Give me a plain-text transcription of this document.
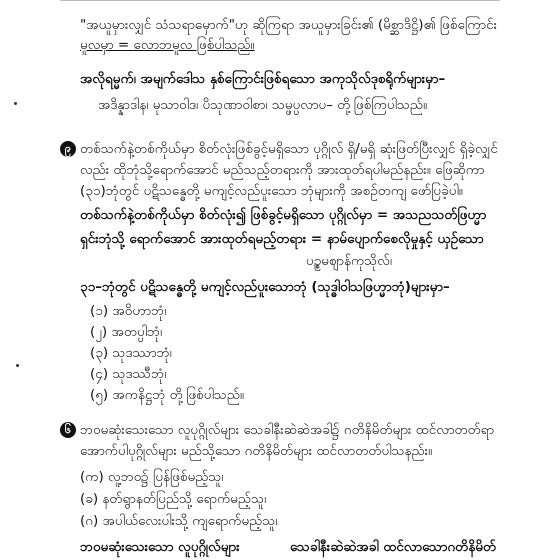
"အယူမှားလျှင် သံသရာမှောက်"ဟု ဆိုကြရာ အယူမှားခြင်း၏ (မိစ္ဆာဒိဋ္ဌိ)၏ ဖြစ်ကြောင်း
မူလမှာ = လောဘမူလ ဖြစ်ပါသည်။
အလိုရမ္မက်၊ အမျက်ဒေါသ နှစ်ကြောင်းဖြစ်ရသော အကုသိုလ်ဒုစရိုက်များမှာ–
အဒိန္နာဒါန၊ မုသာဝါဒ၊ ပိသုဏာဝါစာ၊ သမ္ဖပ္ပလာပ– တို့ဖြစ်ကြပါသည်။
၉ တစ်သက်နဲ့တစ်ကိုယ်မှာ စိတ်လုံးဖြစ်ခွင့်မရှိသော ပုဂ္ဂိုလ် ရှိ/မရှိ ဆုံးဖြတ်ပြီးလျှင် ရှိခဲ့လျှင်
လည်း ထိုဘုံသို့ရောက်အောင် မည်သည့်တရားကို အားထုတ်ရပါမည်နည်း။ ဖြေဆိုကာ
(၃၁)ဘုံတွင် ပဋိသန္ဓေတို့ မကျင့်လည်ပူးသော ဘုံများကို အစဉ်တကျ ဖော်ပြခဲ့ပါ။
တစ်သက်နဲ့တစ်ကိုယ်မှာ စိတ်လုံး၍ ဖြစ်ခွင့်မရှိသော ပုဂ္ဂိုလ်မှာ = အသညသတ်ဖြဟ္မာ
ရှင်းဘုံသို့ ရောက်အောင် အားထုတ်ရမည့်တရား = နာမ်ပျောက်စေလိုမှုနှင့် ယှဉ်သော
ပဥ္စမဈာန်ကုသိုလ်၊
၃၁–ဘုံတွင် ပဋိသန္ဓေတို့ မကျင့်လည်ပူးသောဘုံ (သုဒ္ဓါဝါသဖြဟ္မာဘုံ)များမှာ–
(၁) အဝိဟာဘုံ၊
(၂) အတပ္ပါဘုံ၊
(၃) သုဒဿာဘုံ၊
(၄) သုဒဿီဘုံ၊
(၅) အကနိဋ္ဌဘုံ တို့ဖြစ်ပါသည်။
၆ ဘဝမဆုံးသေးသော လူပုဂ္ဂိုလ်များ သေခါနီးဆဲဆဲအခါ၌ ဂတိနိမိတ်များ ထင်လာတတ်ရာ
အောက်ပါပုဂ္ဂိုလ်များ မည်သို့သော ဂတိနိမိတ်များ ထင်လာတတ်ပါသနည်း။
(က) လူ့ဘဝ၌ ပြန်ဖြစ်မည့်သူ၊
(ခ) နတ်ရွာနတ်ပြည်သို့ ရောက်မည့်သူ၊
(ဂ) အပါယ်လေးပါးသို့ ကျရောက်မည့်သူ၊
ဘဝမဆုံးသေးသော လူပုဂ္ဂိုလ်များ	သေခါနီးဆဲဆဲအခါ ထင်လာသောဂတိနိမိတ်
